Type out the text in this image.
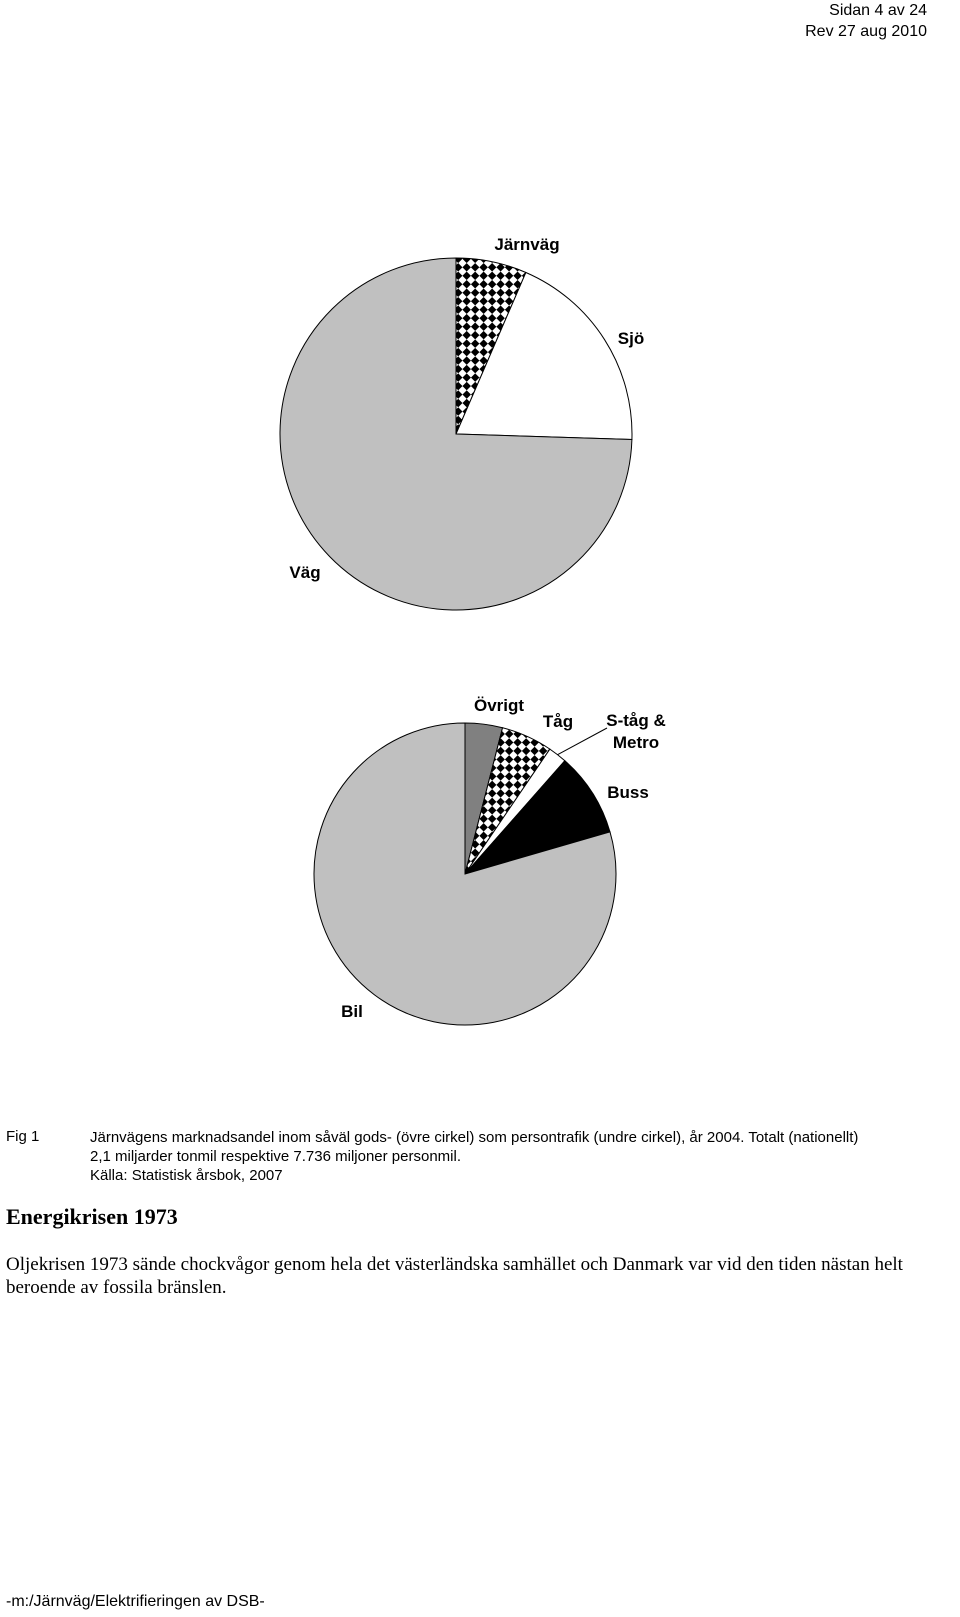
Sidan 4 av 24
Rev 27 aug 2010
Järnväg
Sjö
Väg
Övrigt
Tåg S-tåg & Metro
Buss
Bil
Fig 1	Järnvägens marknadsandel inom såväl gods- (övre cirkel) som persontrafik (undre cirkel), år 2004. Totalt (nationellt)
2,1 miljarder tonmil respektive 7.736 miljoner personmil.
Källa: Statistisk årsbok, 2007
Energikrisen 1973
Oljekrisen 1973 sände chockvågor genom hela det västerländska samhället och Danmark var vid den tiden nästan helt beroende av fossila bränslen.
-m:/Järnväg/Elektrifieringen av DSB-
